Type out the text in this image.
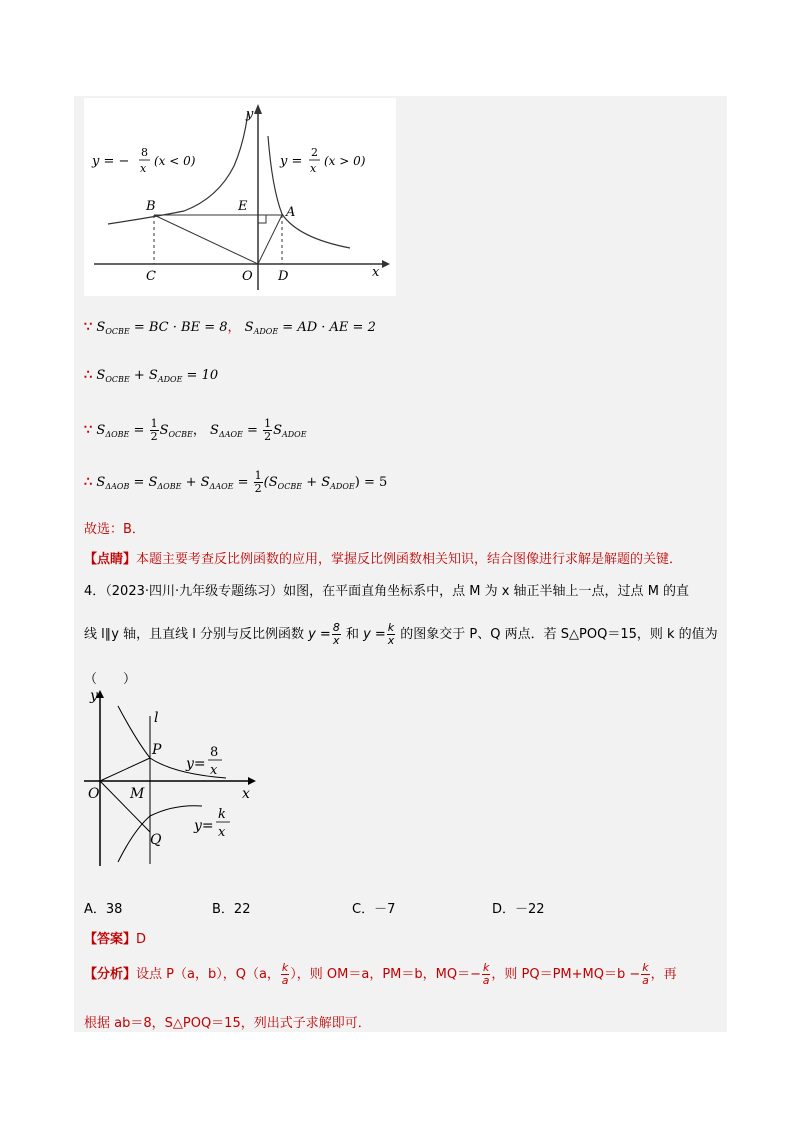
y
x
B	E	A
C	O D
y = −
8
x
(x < 0)	y =
2
x
(x > 0)
∵ $S_{OCBE}$ = BC · BE = 8， $S_{ADOE}$ = AD · AE = 2
∴ $S_{OCBE} + S_{ADOE} = 10$
∵ $S_{\Delta OBE} = \frac{1}{2} S_{OCBE}$， $S_{\Delta AOE} = \frac{1}{2} S_{ADOE}$
∴ $S_{\Delta AOB} = S_{\Delta OBE} + S_{\Delta AOE} = \frac{1}{2} (S_{OCBE} + S_{ADOE}) = 5$
故选：B．
【点睛】本题主要考查反比例函数的应用，掌握反比例函数相关知识，结合图像进行求解是解题的关键．
4．（2023·四川·九年级专题练习）如图，在平面直角坐标系中，点 M 为 x 轴正半轴上一点，过点 M 的直
线 l∥y 轴，且直线 l 分别与反比例函数 $y = \frac{8}{x}$ 和 $y = \frac{k}{x}$ 的图象交于 P、Q 两点．若 S△POQ＝15，则 k 的值为
（　　）
y
x
l
P
O M
Q
y=
8
x
y=
k
x
A．38	B．22	C．－7	D．－22
【答案】D
【分析】设点 P（a，b），Q（a， $\frac{k}{a}$ ），则 OM＝a，PM＝b，$MQ=- \frac{k}{a}$ ，则 $PQ=PM+MQ=b - \frac{k}{a}$ ，再
根据 ab＝8，S△POQ＝15，列出式子求解即可．
